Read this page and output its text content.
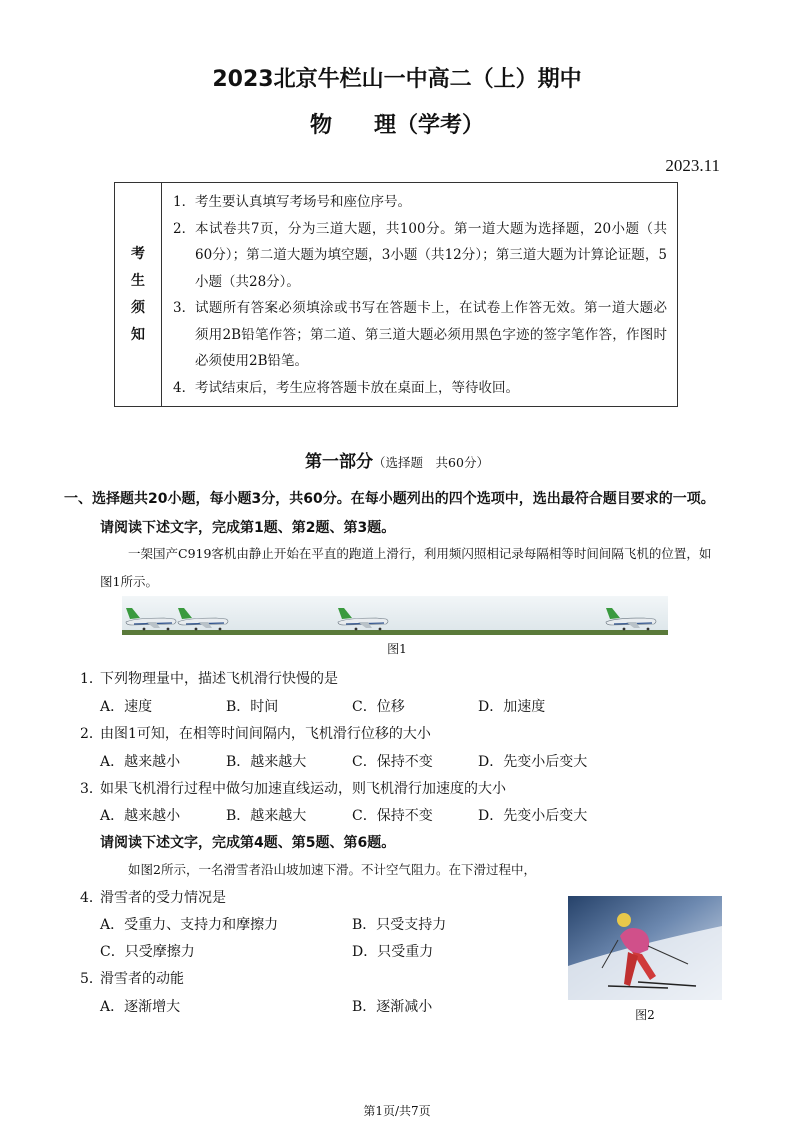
2023北京牛栏山一中高二（上）期中
物 理（学考）
2023.11
考
生
须
知
1． 考生要认真填写考场号和座位序号。
2． 本试卷共7页，分为三道大题，共100分。第一道大题为选择题，20小题（共60分）；第二道大题为填空题，3小题（共12分）；第三道大题为计算论证题，5小题（共28分）。
3． 试题所有答案必须填涂或书写在答题卡上，在试卷上作答无效。第一道大题必须用2B铅笔作答；第二道、第三道大题必须用黑色字迹的签字笔作答，作图时必须使用2B铅笔。
4． 考试结束后，考生应将答题卡放在桌面上，等待收回。
第一部分（选择题　共60分）
一、选择题共20小题，每小题3分，共60分。在每小题列出的四个选项中，选出最符合题目要求的一项。
请阅读下述文字，完成第1题、第2题、第3题。
一架国产C919客机由静止开始在平直的跑道上滑行，利用频闪照相记录每隔相等时间间隔飞机的位置，如图1所示。
图1
1．下列物理量中，描述飞机滑行快慢的是
A．速度	B．时间	C．位移	D．加速度
2．由图1可知，在相等时间间隔内，飞机滑行位移的大小
A．越来越小	B．越来越大	C．保持不变	D．先变小后变大
3．如果飞机滑行过程中做匀加速直线运动，则飞机滑行加速度的大小
A．越来越小	B．越来越大	C．保持不变	D．先变小后变大
请阅读下述文字，完成第4题、第5题、第6题。
如图2所示，一名滑雪者沿山坡加速下滑。不计空气阻力。在下滑过程中，
4．滑雪者的受力情况是
A．受重力、支持力和摩擦力	B．只受支持力
C．只受摩擦力	D．只受重力
5．滑雪者的动能
A．逐渐增大	B．逐渐减小	图2
第1页/共7页
